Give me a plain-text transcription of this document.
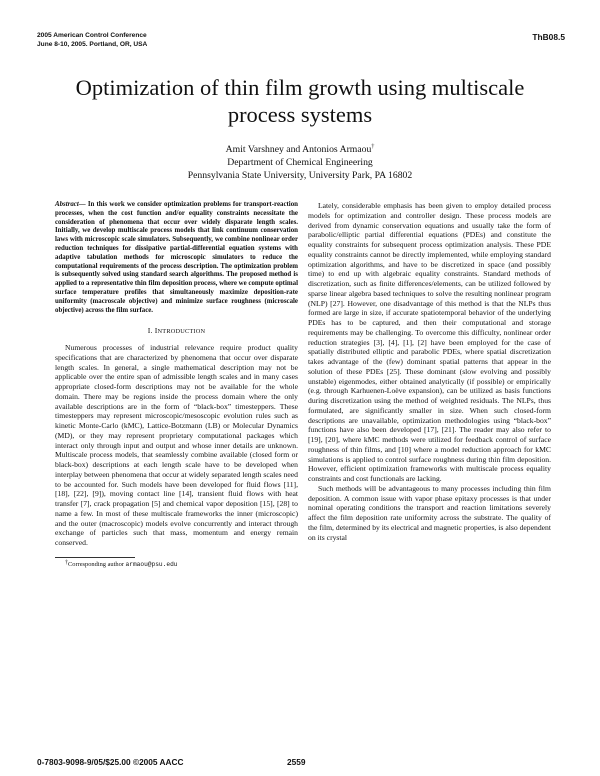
2005 American Control Conference
June 8-10, 2005. Portland, OR, USA
ThB08.5
Optimization of thin film growth using multiscale
process systems
Amit Varshney and Antonios Armaou†
Department of Chemical Engineering
Pennsylvania State University, University Park, PA 16802
Abstract— In this work we consider optimization problems for transport-reaction processes, when the cost function and/or equality constraints necessitate the consideration of phenomena that occur over widely disparate length scales. Initially, we develop multiscale process models that link continuum conservation laws with microscopic scale simulators. Subsequently, we combine nonlinear order reduction techniques for dissipative partial-differential equation systems with adaptive tabulation methods for microscopic simulators to reduce the computational requirements of the process description. The optimization problem is subsequently solved using standard search algorithms. The proposed method is applied to a representative thin film deposition process, where we compute optimal surface temperature profiles that simultaneously maximize deposition-rate uniformity (macroscale objective) and minimize surface roughness (microscale objective) across the film surface.
I. INTRODUCTION

Numerous processes of industrial relevance require product quality specifications that are characterized by phenomena that occur over disparate length scales. In general, a single mathematical description may not be applicable over the entire span of admissible length scales and in many cases appropriate closed-form descriptions may not be available for the whole domain. There may be regions inside the process domain where the only available descriptions are in the form of “black-box” timesteppers. These timesteppers may represent microscopic/mesoscopic evolution rules such as kinetic Monte-Carlo (kMC), Lattice-Botzmann (LB) or Molecular Dynamics (MD), or they may represent proprietary computational packages which interact only through input and output and whose inner details are unknown. Multiscale process models, that seamlessly combine available (closed form or black-box) descriptions at each length scale have to be developed when interplay between phenomena that occur at widely separated length scales need to be accounted for. Such models have been developed for fluid flows [11], [18], [22], [9]), moving contact line [14], transient fluid flows with heat transfer [7], crack propagation [5] and chemical vapor deposition [15], [28] to name a few. In most of these multiscale frameworks the inner (microscopic) and the outer (macroscopic) models evolve concurrently and interact through exchange of particles such that mass, momentum and energy remain conserved.

†Corresponding author armaou@psu.edu

Lately, considerable emphasis has been given to employ detailed process models for optimization and controller design. These process models are derived from dynamic conservation equations and usually take the form of parabolic/elliptic partial differential equations (PDEs) and constitute the equality constraints for subsequent process optimization analysis. These PDE equality constraints cannot be directly implemented, while employing standard optimization algorithms, and have to be discretized in space (and possibly time) to end up with algebraic equality constraints. Standard methods of discretization, such as finite differences/elements, can be utilized followed by sparse linear algebra based techniques to solve the resulting nonlinear program (NLP) [27]. However, one disadvantage of this method is that the NLPs thus formed are large in size, if accurate spatiotemporal behavior of the underlying PDEs has to be captured, and then their computational and storage requirements may be challenging. To overcome this difficulty, nonlinear order reduction strategies [3], [4], [1], [2] have been employed for the case of spatially distributed elliptic and parabolic PDEs, where spatial discretization takes advantage of the (few) dominant spatial patterns that appear in the solution of these PDEs [25]. These dominant (slow evolving and possibly unstable) eigenmodes, either obtained analytically (if possible) or empirically (e.g. through Karhuenen-Loève expansion), can be utilized as basis functions during discretization using the method of weighted residuals. The NLPs, thus formulated, are significantly smaller in size. When such closed-form descriptions are unavailable, optimization methodologies using “black-box” functions have also been developed [17], [21]. The reader may also refer to [19], [20], where kMC methods were utilized for feedback control of surface roughness of thin films, and [10] where a model reduction approach for kMC simulations is applied to control surface roughness during thin film deposition. However, efficient optimization frameworks with multiscale process equality constraints and cost functionals are lacking.

Such methods will be advantageous to many processes including thin film deposition. A common issue with vapor phase epitaxy processes is that under nominal operating conditions the transport and reaction limitations severely affect the film deposition rate uniformity across the substrate. The quality of the film, determined by its electrical and magnetic properties, is also dependent on its crystal

0-7803-9098-9/05/$25.00 ©2005 AACC	2559
